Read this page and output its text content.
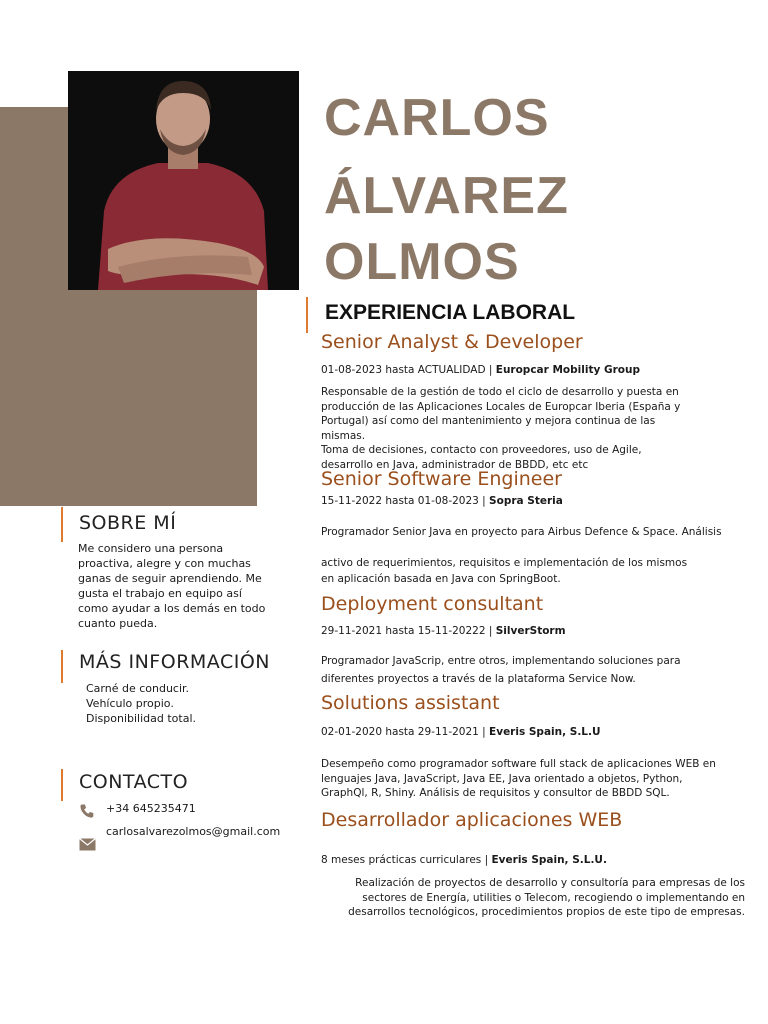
CARLOS
ÁLVAREZ
OLMOS
SOBRE MÍ
Me considero una persona
proactiva, alegre y con muchas
ganas de seguir aprendiendo. Me
gusta el trabajo en equipo así
como ayudar a los demás en todo
cuanto pueda.
MÁS INFORMACIÓN
Carné de conducir.
Vehículo propio.
Disponibilidad total.
CONTACTO
+34 645235471
carlosalvarezolmos@gmail.com
EXPERIENCIA LABORAL
Senior Analyst & Developer
01-08-2023 hasta ACTUALIDAD | Europcar Mobility Group
Responsable de la gestión de todo el ciclo de desarrollo y puesta en
producción de las Aplicaciones Locales de Europcar Iberia (España y
Portugal) así como del mantenimiento y mejora continua de las
mismas.
Toma de decisiones, contacto con proveedores, uso de Agile,
desarrollo en Java, administrador de BBDD, etc etc
Senior Software Engineer
15-11-2022 hasta 01-08-2023 | Sopra Steria
Programador Senior Java en proyecto para Airbus Defence & Space. Análisis
activo de requerimientos, requisitos e implementación de los mismos
en aplicación basada en Java con SpringBoot.
Deployment consultant
29-11-2021 hasta 15-11-20222 | SilverStorm
Programador JavaScrip, entre otros, implementando soluciones para
diferentes proyectos a través de la plataforma Service Now.
Solutions assistant
02-01-2020 hasta 29-11-2021 | Everis Spain, S.L.U
Desempeño como programador software full stack de aplicaciones WEB en
lenguajes Java, JavaScript, Java EE, Java orientado a objetos, Python,
GraphQl, R, Shiny. Análisis de requisitos y consultor de BBDD SQL.
Desarrollador aplicaciones WEB
8 meses prácticas curriculares | Everis Spain, S.L.U.
Realización de proyectos de desarrollo y consultoría para empresas de los
sectores de Energía, utilities o Telecom, recogiendo o implementando en
desarrollos tecnológicos, procedimientos propios de este tipo de empresas.
